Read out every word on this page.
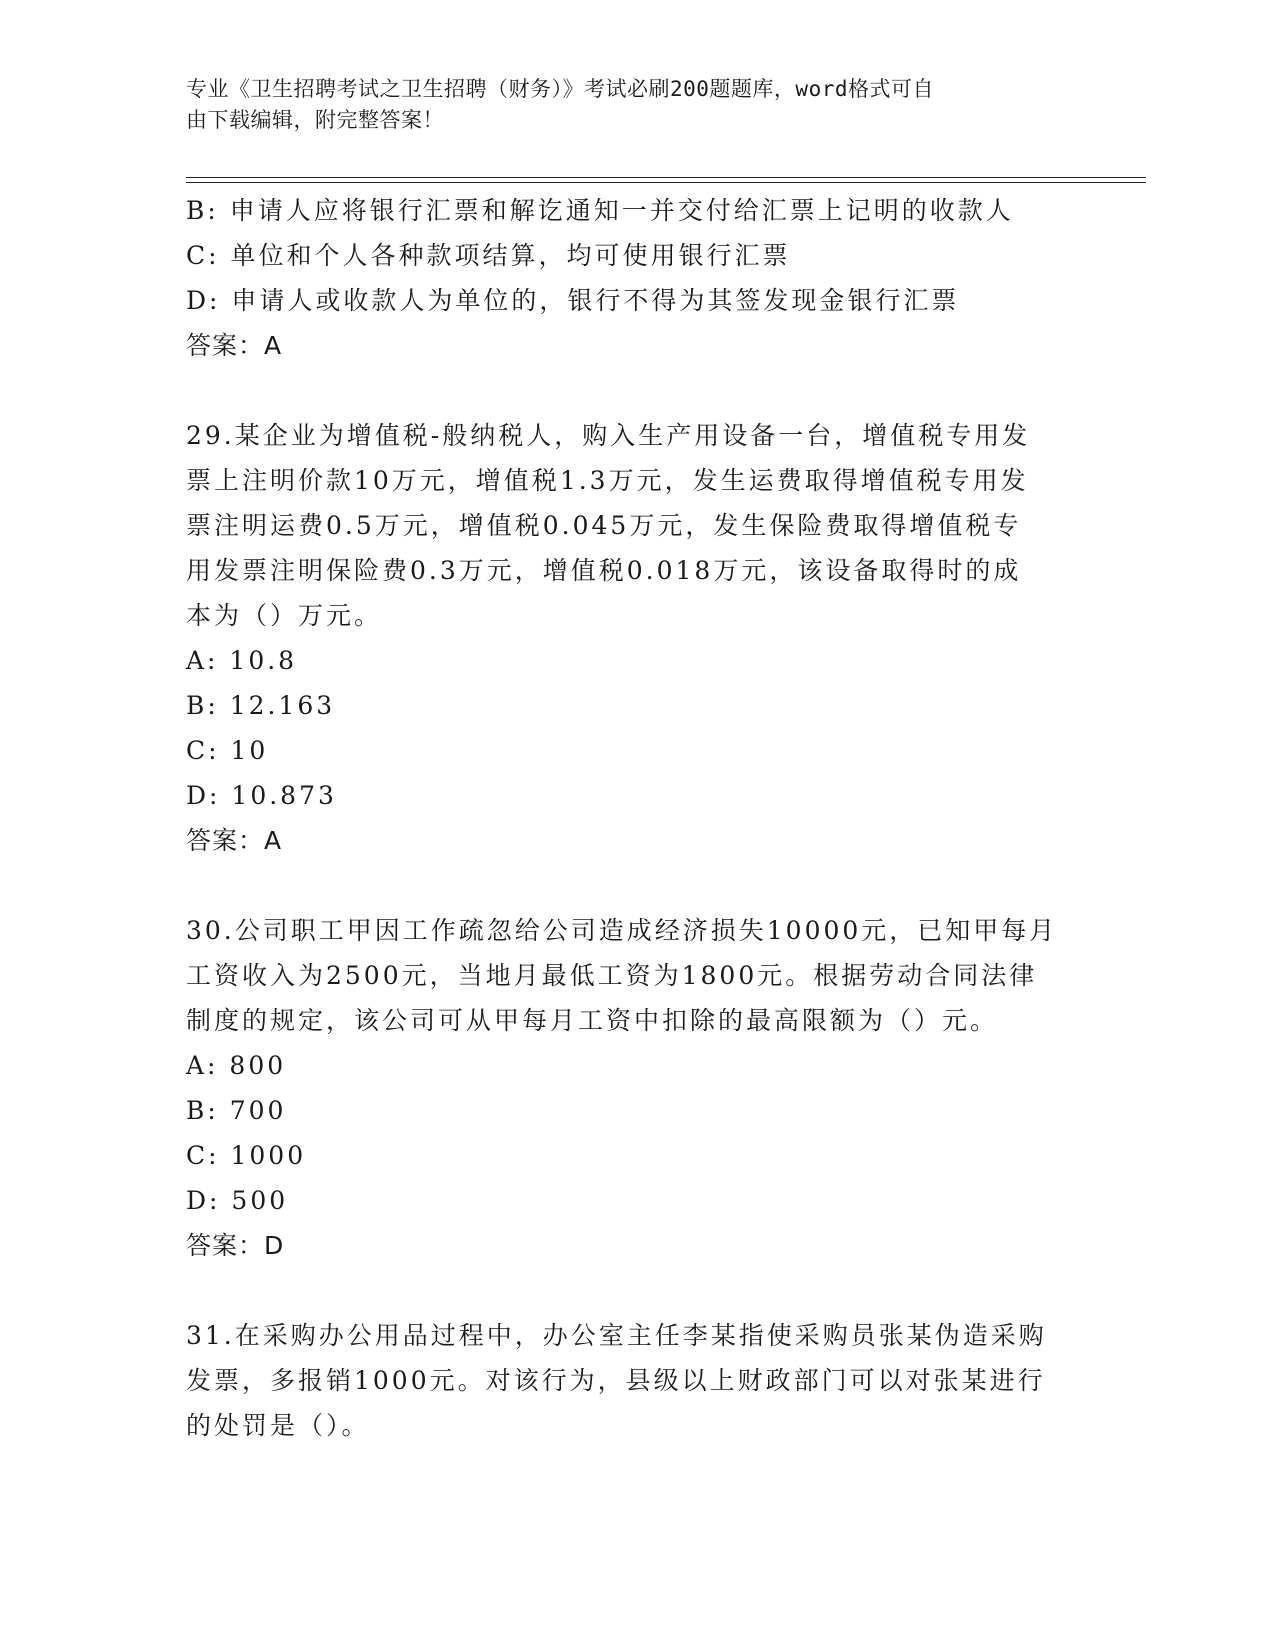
专业《卫生招聘考试之卫生招聘（财务）》考试必刷200题题库，word格式可自
由下载编辑，附完整答案！
B: 申请人应将银行汇票和解讫通知一并交付给汇票上记明的收款人
C: 单位和个人各种款项结算，均可使用银行汇票
D: 申请人或收款人为单位的，银行不得为其签发现金银行汇票
答案：A
29.某企业为增值税-般纳税人，购入生产用设备一台，增值税专用发
票上注明价款10万元，增值税1.3万元，发生运费取得增值税专用发
票注明运费0.5万元，增值税0.045万元，发生保险费取得增值税专
用发票注明保险费0.3万元，增值税0.018万元，该设备取得时的成
本为（）万元。
A: 10.8
B: 12.163
C: 10
D: 10.873
答案：A
30.公司职工甲因工作疏忽给公司造成经济损失10000元，已知甲每月
工资收入为2500元，当地月最低工资为1800元。根据劳动合同法律
制度的规定，该公司可从甲每月工资中扣除的最高限额为（）元。
A: 800
B: 700
C: 1000
D: 500
答案：D
31.在采购办公用品过程中，办公室主任李某指使采购员张某伪造采购
发票，多报销1000元。对该行为，县级以上财政部门可以对张某进行
的处罚是（）。
